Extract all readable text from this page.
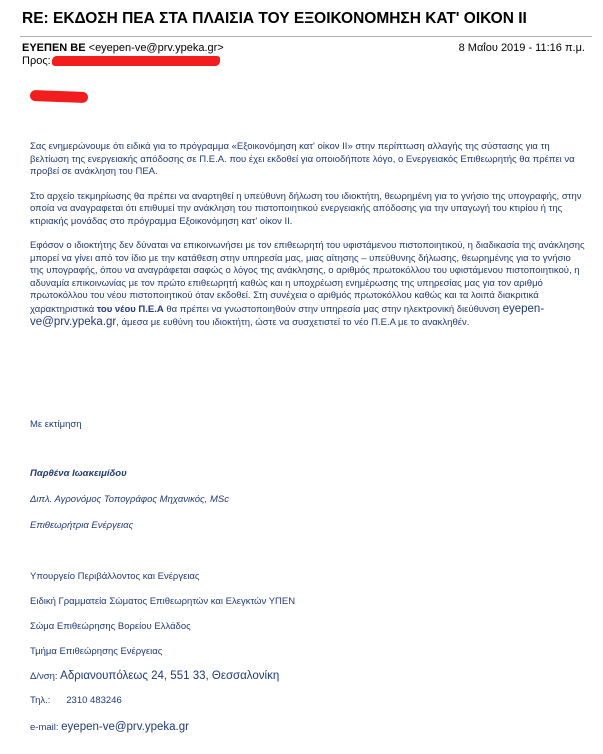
RE: ΕΚΔΟΣΗ ΠΕΑ ΣΤΑ ΠΛΑΙΣΙΑ ΤΟΥ ΕΞΟΙΚΟΝΟΜΗΣΗ ΚΑΤ' ΟΙΚΟΝ ΙΙ
ΕΥΕΠΕΝ ΒΕ <eyepen-ve@prv.ypeka.gr>	8 Μαΐου 2019 - 11:16 π.μ.
Προς:

Σας ενημερώνουμε ότι ειδικά για το πρόγραμμα «Εξοικονόμηση κατ' οίκον ΙΙ» στην περίπτωση αλλαγής της σύστασης για τη βελτίωση της ενεργειακής απόδοσης σε Π.Ε.Α. που έχει εκδοθεί για οποιοδήποτε λόγο, ο Ενεργειακός Επιθεωρητής θα πρέπει να προβεί σε ανάκληση του ΠΕΑ.

Στο αρχείο τεκμηρίωσης θα πρέπει να αναρτηθεί η υπεύθυνη δήλωση του ιδιοκτήτη, θεωρημένη για το γνήσιο της υπογραφής, στην οποία να αναγραφεται ότι επιθυμεί την ανάκληση του πιστοποιητικού ενεργειακής απόδοσης για την υπαγωγή του κτιρίου ή της κτιριακής μονάδας στο πρόγραμμα Εξοικονόμηση κατ' οίκον ΙΙ.

Εφόσον ο ιδιοκτήτης δεν δύναται να επικοινωνήσει με τον επιθεωρητή του υφιστάμενου πιστοποιητικού, η διαδικασία της ανάκλησης μπορεί να γίνει από τον ίδιο με την κατάθεση στην υπηρεσία μας, μιας αίτησης – υπεύθυνης δήλωσης, θεωρημένης για το γνήσιο της υπογραφής, όπου να αναγράφεται σαφώς ο λόγος της ανάκλησης, ο αριθμός πρωτοκόλλου του υφιστάμενου πιστοποιητικού, η αδυναμία επικοινωνίας με τον πρώτο επιθεωρητή καθώς και η υποχρέωση ενημέρωσης της υπηρεσίας μας για τον αριθμό πρωτοκόλλου του νέου πιστοποιητικού όταν εκδοθεί. Στη συνέχεια ο αριθμός πρωτοκόλλου καθώς και τα λοιπά διακριτικά χαρακτηριστικά του νέου Π.Ε.Α θα πρέπει να γνωστοποιηθούν στην υπηρεσία μας στην ηλεκτρονική διεύθυνση eyepen-ve@prv.ypeka.gr, άμεσα με ευθύνη του ιδιοκτήτη, ώστε να συσχετιστεί το νέο Π.Ε.Α με το ανακληθέν.

Με εκτίμηση
Παρθένα Ιωακειμίδου
Διπλ. Αγρονόμος Τοπογράφος Μηχανικός, MSc
Επιθεωρήτρια Ενέργειας
Υπουργείο Περιβάλλοντος και Ενέργειας
Ειδική Γραμματεία Σώματος Επιθεωρητών και Ελεγκτών ΥΠΕΝ
Σώμα Επιθεώρησης Βορείου Ελλάδος
Τμήμα Επιθεώρησης Ενέργειας
Δ/νση: Αδριανουπόλεως 24, 551 33, Θεσσαλονίκη
Τηλ.: 2310 483246
e-mail: eyepen-ve@prv.ypeka.gr
